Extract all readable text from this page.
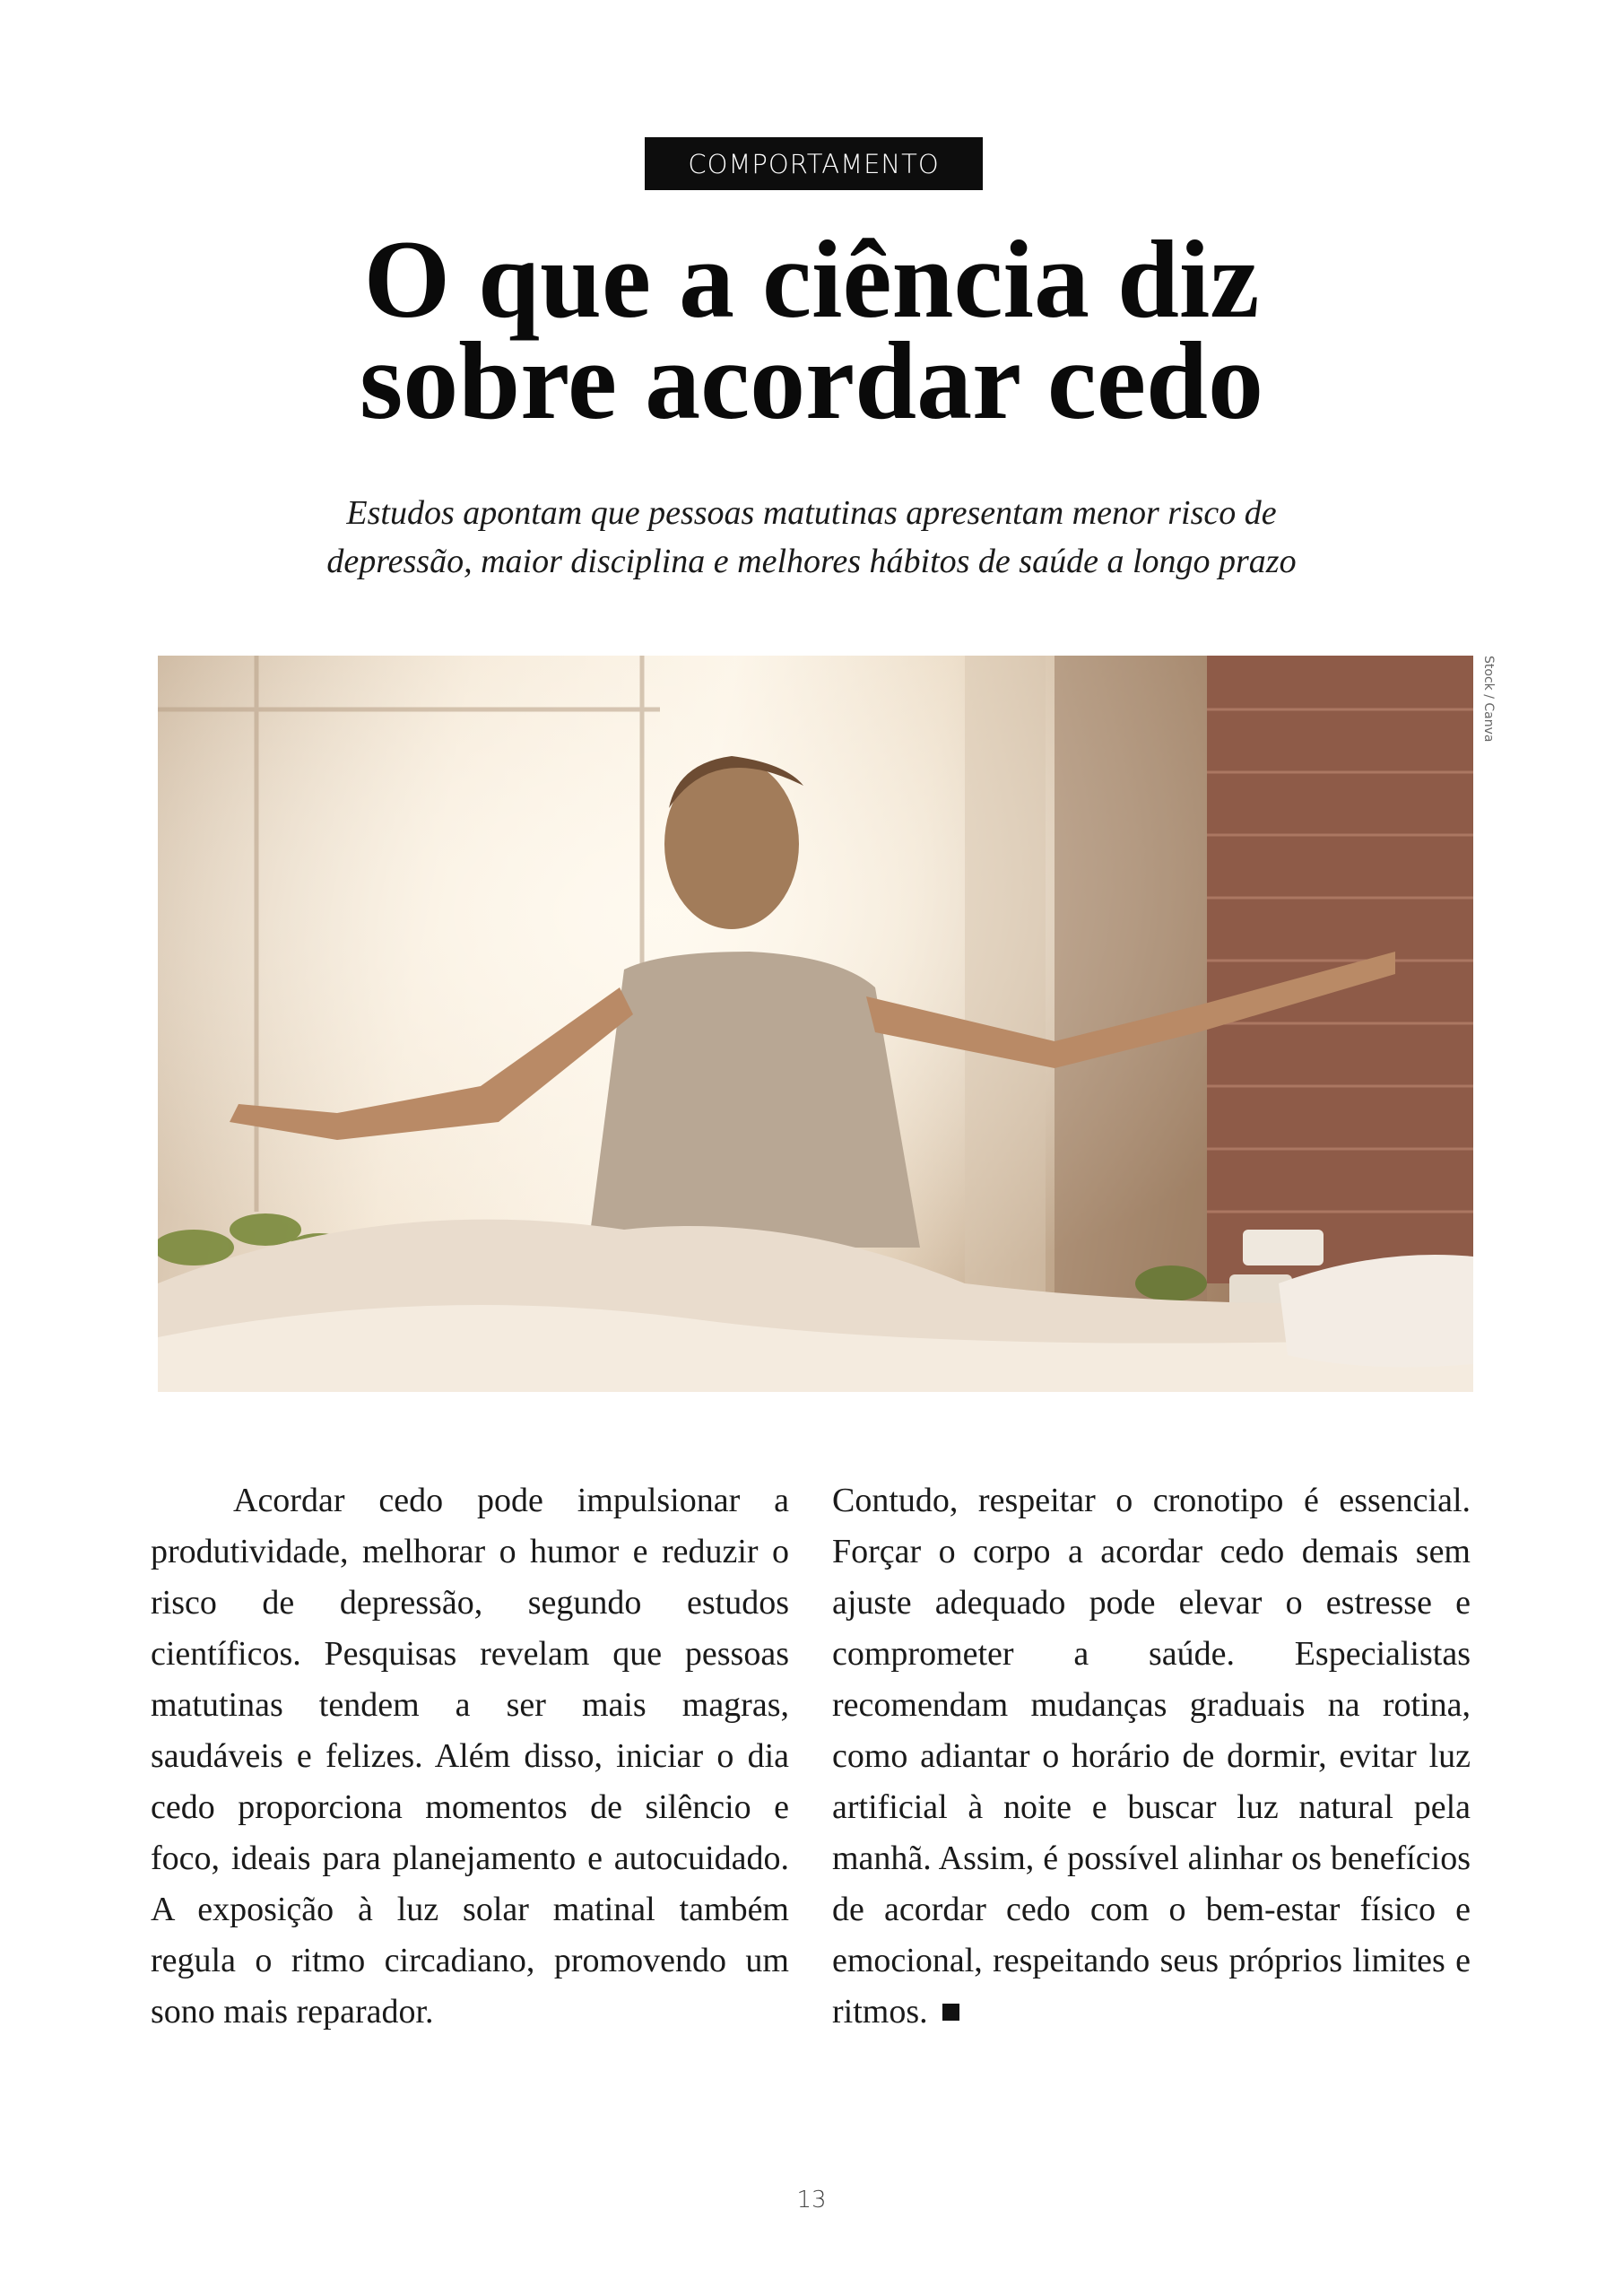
COMPORTAMENTO
O que a ciência diz
sobre acordar cedo

Estudos apontam que pessoas matutinas apresentam menor risco de
depressão, maior disciplina e melhores hábitos de saúde a longo prazo

Stock / Canva

Acordar cedo pode impulsionar a produtividade, melhorar o humor e reduzir o risco de depressão, segundo estudos científicos. Pesquisas revelam que pessoas matutinas tendem a ser mais magras, saudáveis e felizes. Além disso, iniciar o dia cedo proporciona momentos de silêncio e foco, ideais para planejamento e autocuidado. A exposição à luz solar matinal também regula o ritmo circadiano, promovendo um sono mais reparador.

Contudo, respeitar o cronotipo é essencial. Forçar o corpo a acordar cedo demais sem ajuste adequado pode elevar o estresse e comprometer a saúde. Especialistas recomendam mudanças graduais na rotina, como adiantar o horário de dormir, evitar luz artificial à noite e buscar luz natural pela manhã. Assim, é possível alinhar os benefícios de acordar cedo com o bem-estar físico e emocional, respeitando seus próprios limites e ritmos.

13
